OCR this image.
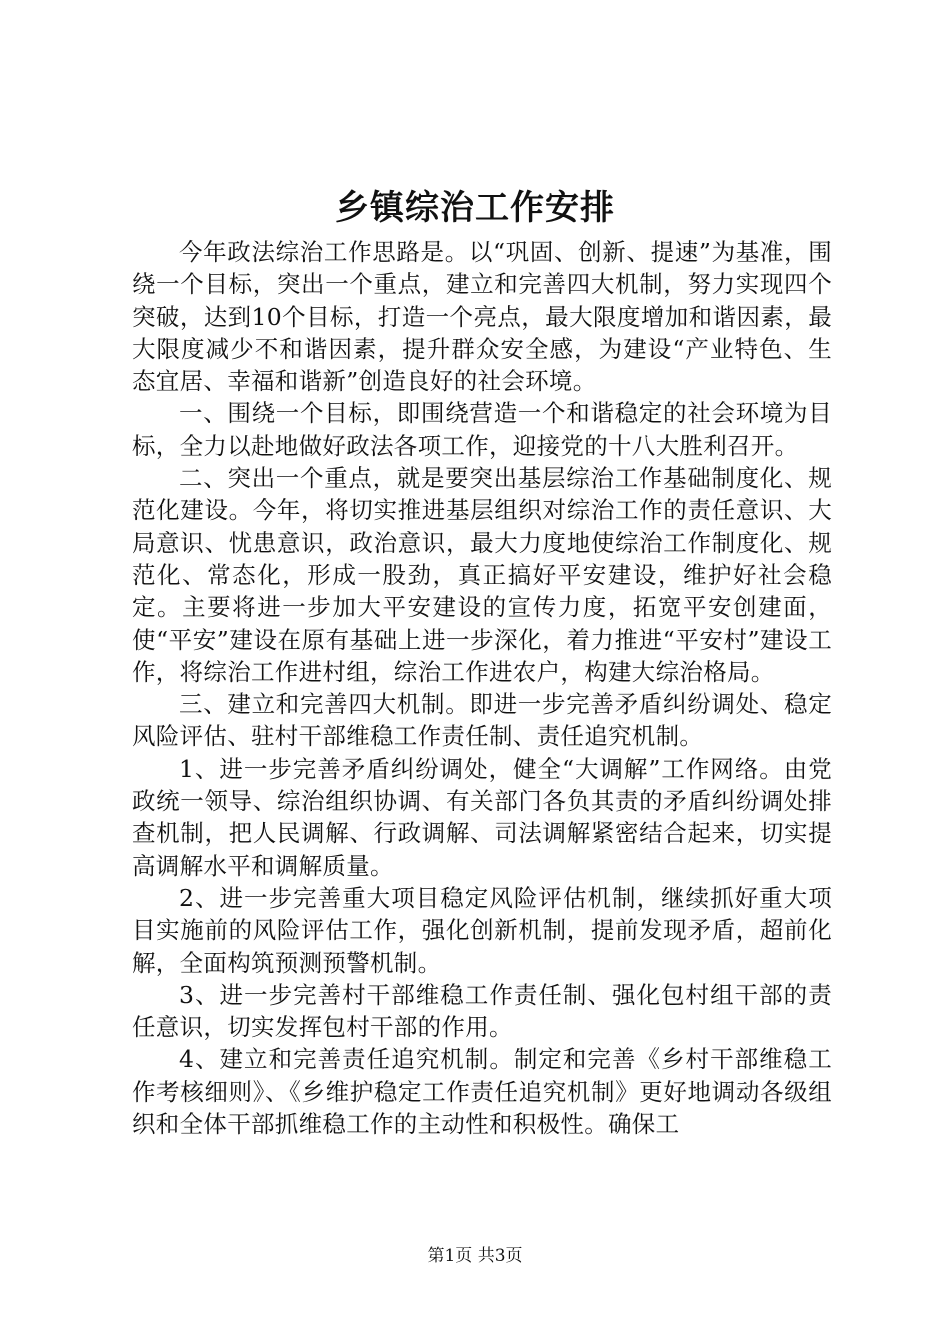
乡镇综治工作安排

今年政法综治工作思路是。以“巩固、创新、提速”为基准，围绕一个目标，突出一个重点，建立和完善四大机制，努力实现四个突破，达到10个目标，打造一个亮点，最大限度增加和谐因素，最大限度减少不和谐因素，提升群众安全感，为建设“产业特色、生态宜居、幸福和谐新”创造良好的社会环境。

一、围绕一个目标，即围绕营造一个和谐稳定的社会环境为目标，全力以赴地做好政法各项工作，迎接党的十八大胜利召开。

二、突出一个重点，就是要突出基层综治工作基础制度化、规范化建设。今年，将切实推进基层组织对综治工作的责任意识、大局意识、忧患意识，政治意识，最大力度地使综治工作制度化、规范化、常态化，形成一股劲，真正搞好平安建设，维护好社会稳定。主要将进一步加大平安建设的宣传力度，拓宽平安创建面，使“平安”建设在原有基础上进一步深化，着力推进“平安村”建设工作，将综治工作进村组，综治工作进农户，构建大综治格局。

三、建立和完善四大机制。即进一步完善矛盾纠纷调处、稳定风险评估、驻村干部维稳工作责任制、责任追究机制。

1、进一步完善矛盾纠纷调处，健全“大调解”工作网络。由党政统一领导、综治组织协调、有关部门各负其责的矛盾纠纷调处排查机制，把人民调解、行政调解、司法调解紧密结合起来，切实提高调解水平和调解质量。

2、进一步完善重大项目稳定风险评估机制，继续抓好重大项目实施前的风险评估工作，强化创新机制，提前发现矛盾，超前化解，全面构筑预测预警机制。

3、进一步完善村干部维稳工作责任制、强化包村组干部的责任意识，切实发挥包村干部的作用。

4、建立和完善责任追究机制。制定和完善《乡村干部维稳工作考核细则》、《乡维护稳定工作责任追究机制》更好地调动各级组织和全体干部抓维稳工作的主动性和积极性。确保工

第1页 共3页
